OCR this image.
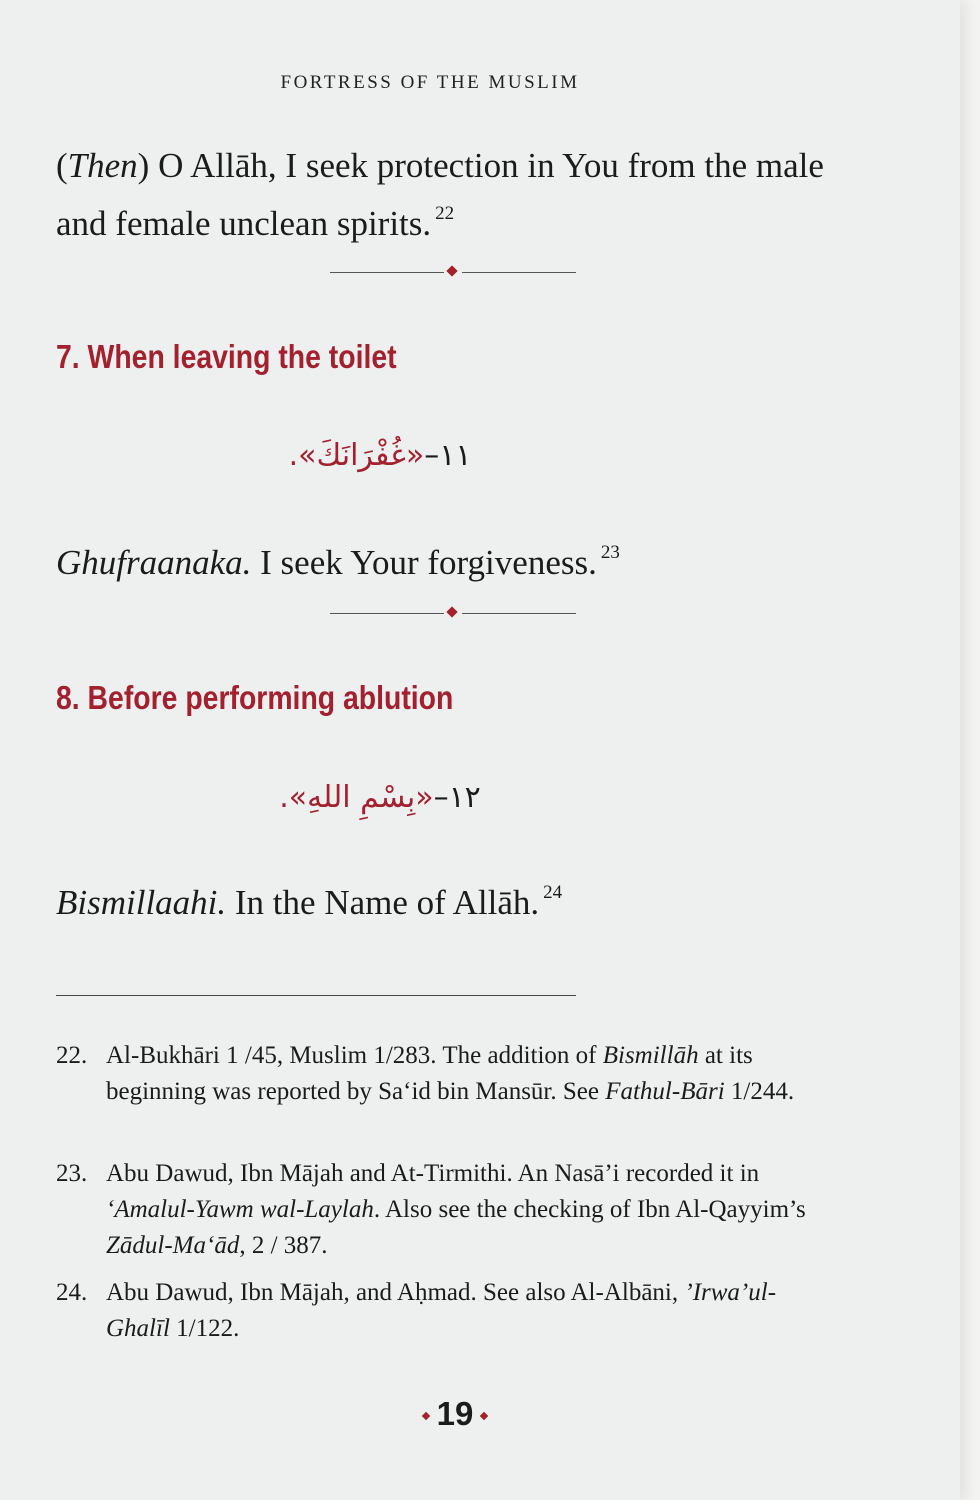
FORTRESS OF THE MUSLIM
(Then) O Allāh, I seek protection in You from the male and female unclean spirits. $^{22}$
7. When leaving the toilet
١١–«غُفْرَانَكَ».
Ghufraanaka. I seek Your forgiveness. $^{23}$
8. Before performing ablution
١٢–«بِسْمِ اللهِ».
Bismillaahi. In the Name of Allāh. $^{24}$
22. Al-Bukhāri 1 /45, Muslim 1/283. The addition of Bismillāh at its beginning was reported by Sa‘id bin Mansūr. See Fathul-Bāri 1/244.
23. Abu Dawud, Ibn Mājah and At-Tirmithi. An Nasā’i recorded it in ‘Amalul-Yawm wal-Laylah. Also see the checking of Ibn Al-Qayyim’s Zādul-Ma‘ād, 2 / 387.
24. Abu Dawud, Ibn Mājah, and Aḥmad. See also Al-Albāni, ’Irwa’ul-Ghalīl 1/122.
19
